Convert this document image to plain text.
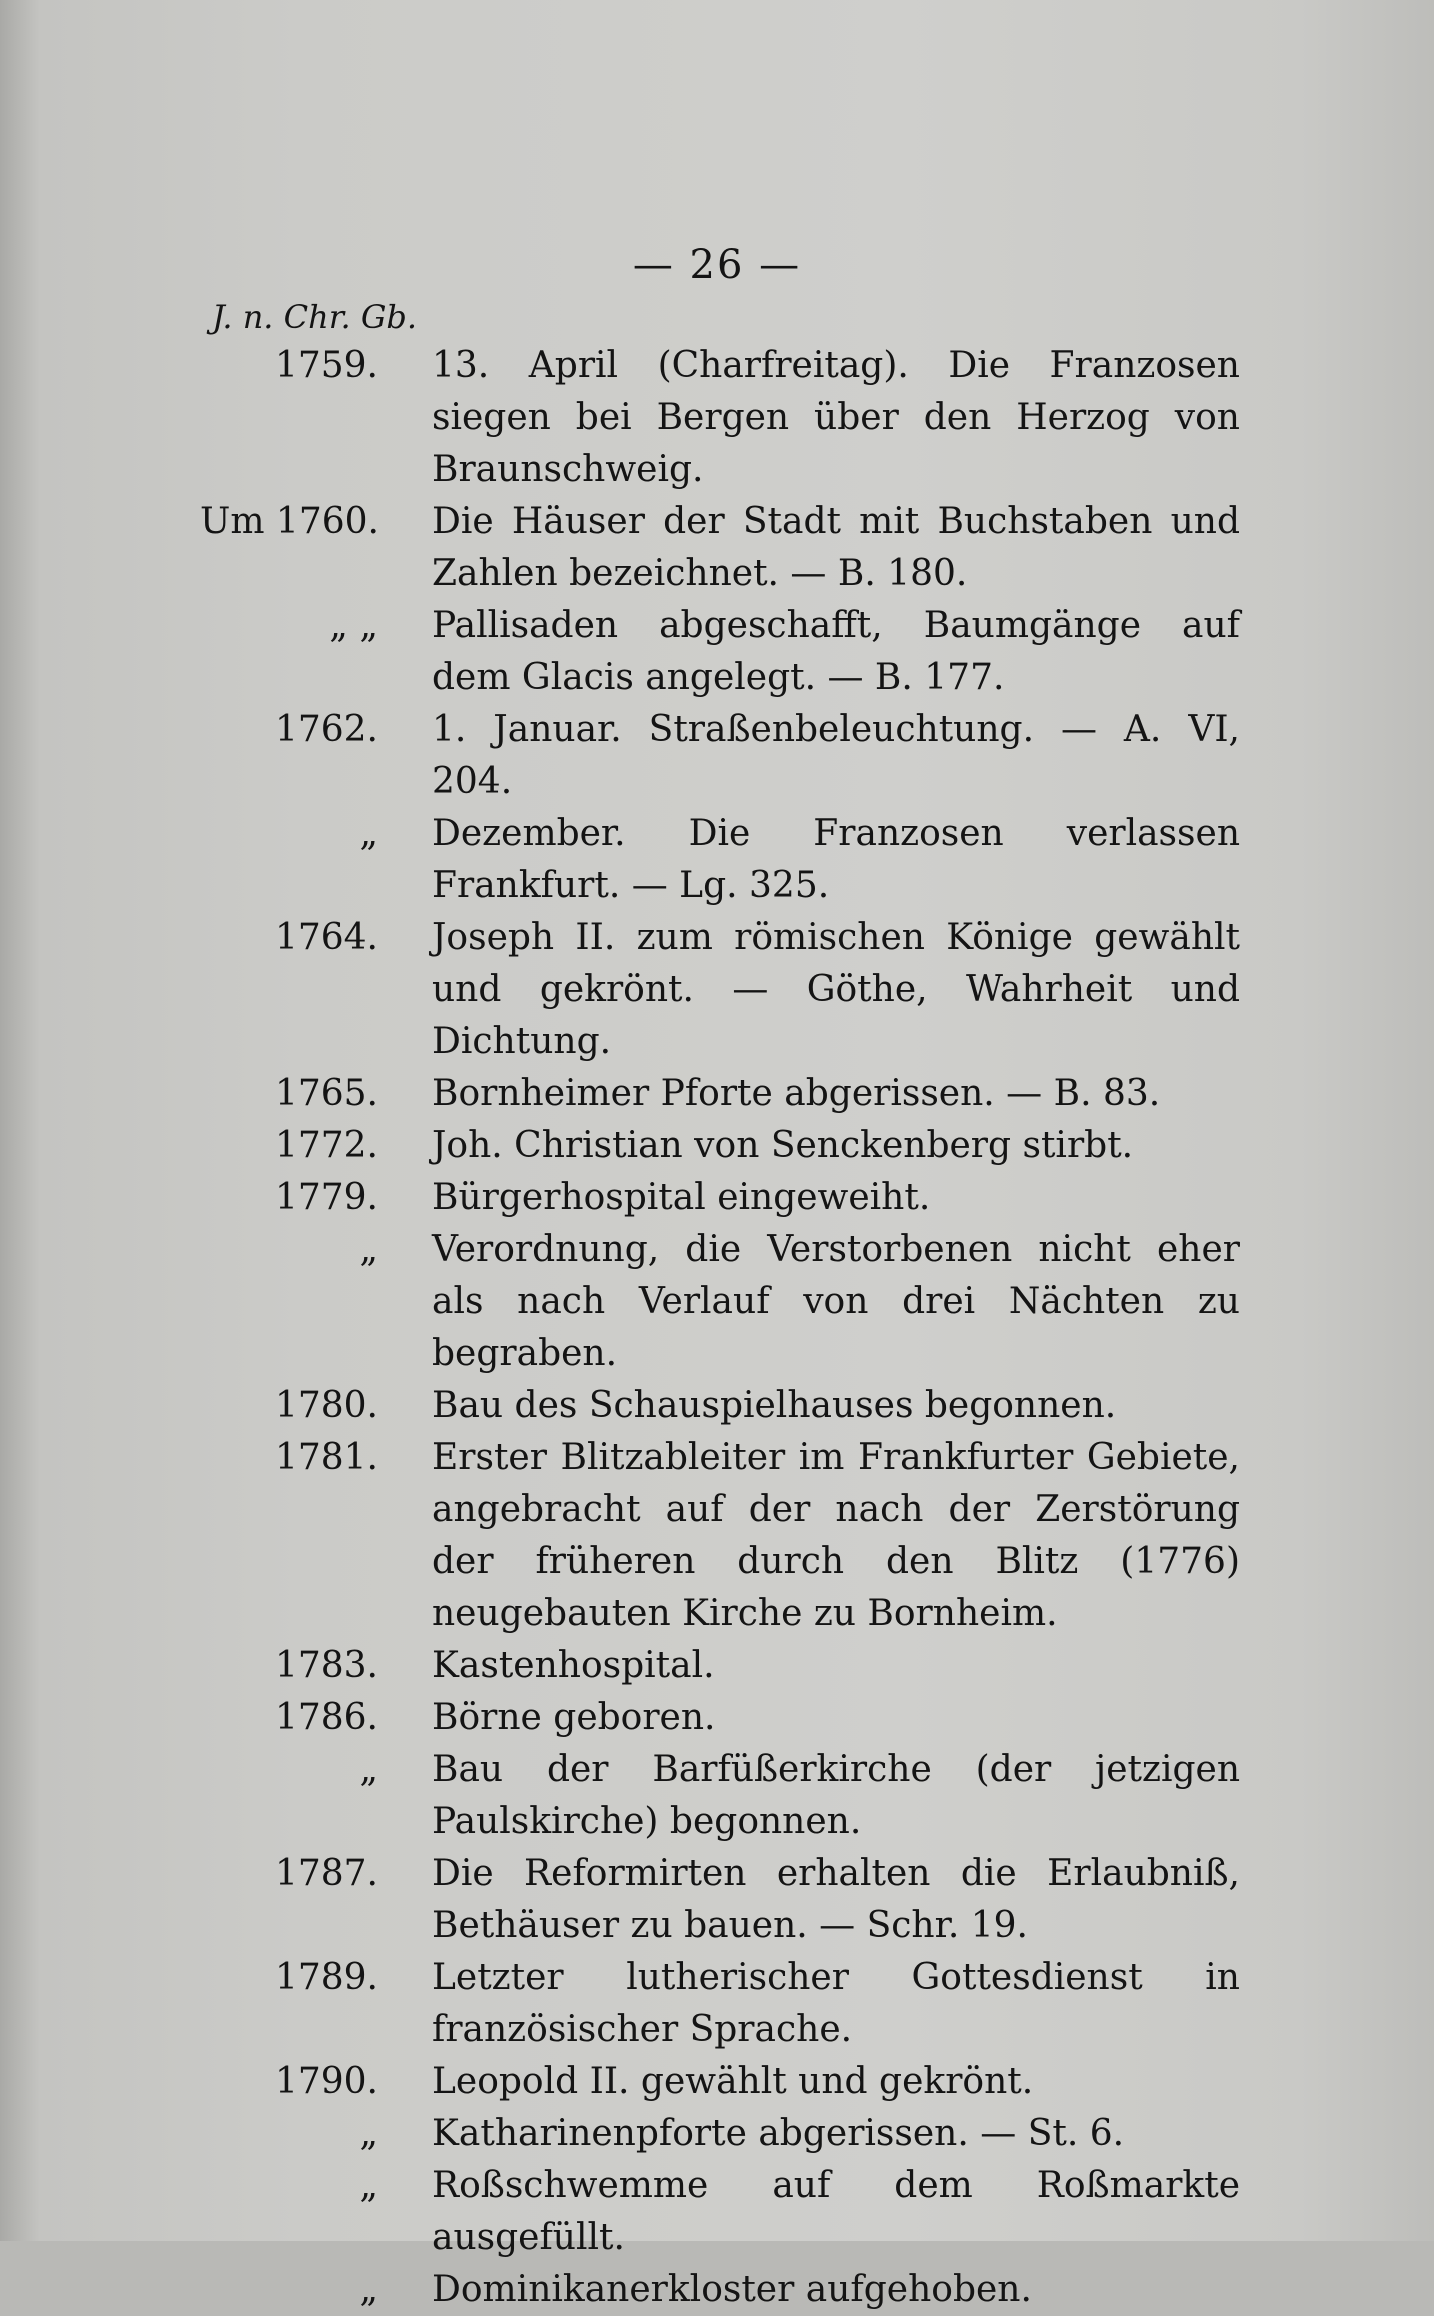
— 26 —
J. n. Chr. Gb.
1759. 13. April (Charfreitag). Die Franzosen siegen bei Bergen über den Herzog von Braunschweig.
Um 1760. Die Häuser der Stadt mit Buchstaben und Zahlen bezeichnet. — B. 180.
„ „ Pallisaden abgeschafft, Baumgänge auf dem Glacis angelegt. — B. 177.
1762. 1. Januar. Straßenbeleuchtung. — A. VI, 204.
„ Dezember. Die Franzosen verlassen Frankfurt. — Lg. 325.
1764. Joseph II. zum römischen Könige gewählt und gekrönt. — Göthe, Wahrheit und Dichtung.
1765. Bornheimer Pforte abgerissen. — B. 83.
1772. Joh. Christian von Senckenberg stirbt.
1779. Bürgerhospital eingeweiht.
„ Verordnung, die Verstorbenen nicht eher als nach Verlauf von drei Nächten zu begraben.
1780. Bau des Schauspielhauses begonnen.
1781. Erster Blitzableiter im Frankfurter Gebiete, angebracht auf der nach der Zerstörung der früheren durch den Blitz (1776) neugebauten Kirche zu Bornheim.
1783. Kastenhospital.
1786. Börne geboren.
„ Bau der Barfüßerkirche (der jetzigen Paulskirche) begonnen.
1787. Die Reformirten erhalten die Erlaubniß, Bethäuser zu bauen. — Schr. 19.
1789. Letzter lutherischer Gottesdienst in französischer Sprache.
1790. Leopold II. gewählt und gekrönt.
„ Katharinenpforte abgerissen. — St. 6.
„ Roßschwemme auf dem Roßmarkte ausgefüllt.
„ Dominikanerkloster aufgehoben.
